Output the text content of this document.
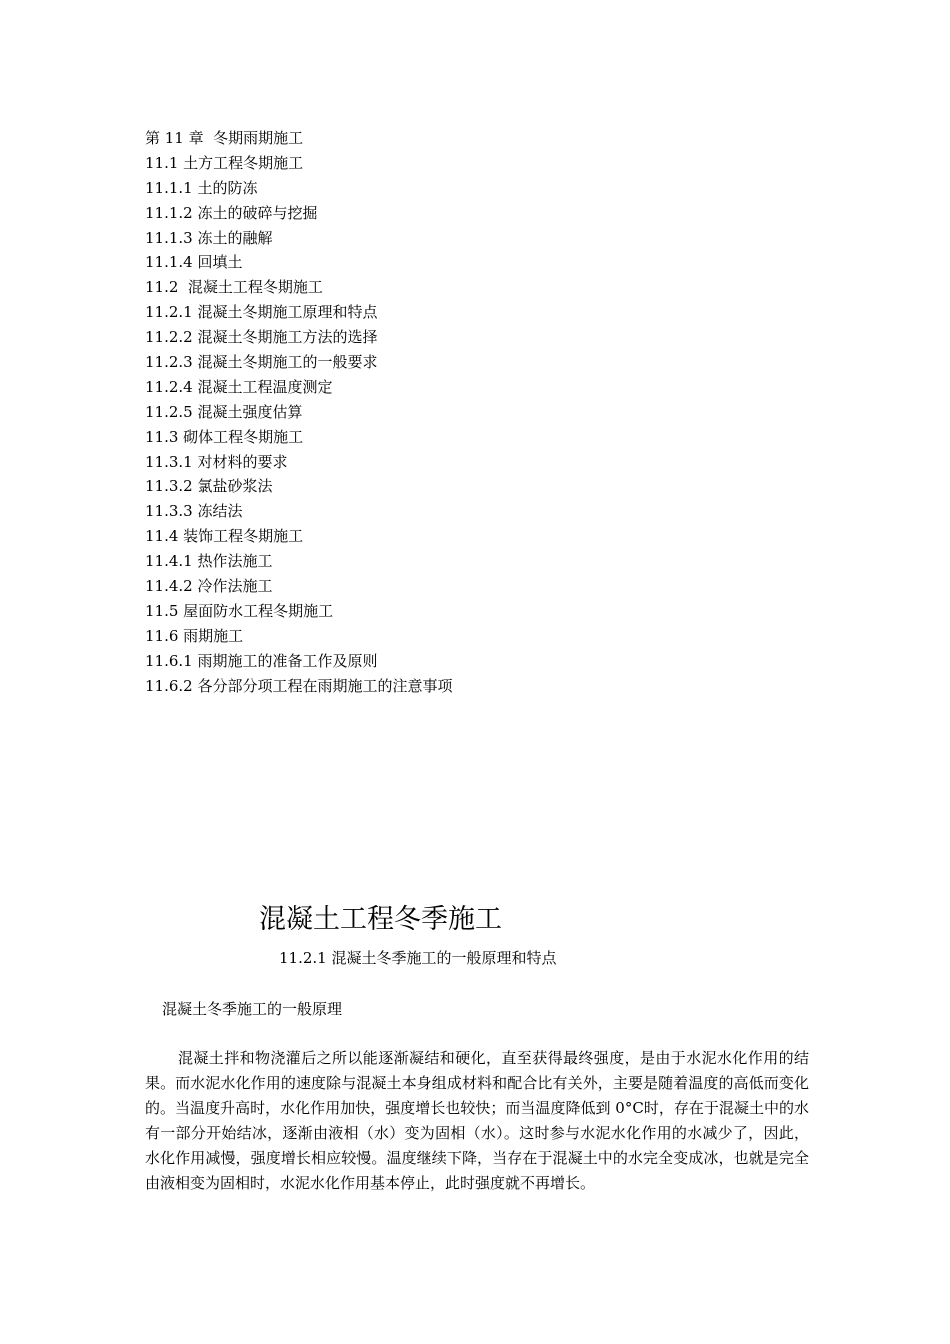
第 11 章  冬期雨期施工
11.1 土方工程冬期施工
11.1.1 土的防冻
11.1.2 冻土的破碎与挖掘
11.1.3 冻土的融解
11.1.4 回填土
11.2  混凝土工程冬期施工
11.2.1 混凝土冬期施工原理和特点
11.2.2 混凝土冬期施工方法的选择
11.2.3 混凝土冬期施工的一般要求
11.2.4 混凝土工程温度测定
11.2.5 混凝土强度估算
11.3 砌体工程冬期施工
11.3.1 对材料的要求
11.3.2 氯盐砂浆法
11.3.3 冻结法
11.4 装饰工程冬期施工
11.4.1 热作法施工
11.4.2 冷作法施工
11.5 屋面防水工程冬期施工
11.6 雨期施工
11.6.1 雨期施工的准备工作及原则
11.6.2 各分部分项工程在雨期施工的注意事项
混凝土工程冬季施工

11.2.1 混凝土冬季施工的一般原理和特点

混凝土冬季施工的一般原理

混凝土拌和物浇灌后之所以能逐渐凝结和硬化，直至获得最终强度，是由于水泥水化作用的结果。而水泥水化作用的速度除与混凝土本身组成材料和配合比有关外，主要是随着温度的高低而变化的。当温度升高时，水化作用加快，强度增长也较快；而当温度降低到 0°C时，存在于混凝土中的水有一部分开始结冰，逐渐由液相（水）变为固相（水）。这时参与水泥水化作用的水减少了，因此，水化作用减慢，强度增长相应较慢。温度继续下降，当存在于混凝土中的水完全变成冰，也就是完全由液相变为固相时，水泥水化作用基本停止，此时强度就不再增长。
